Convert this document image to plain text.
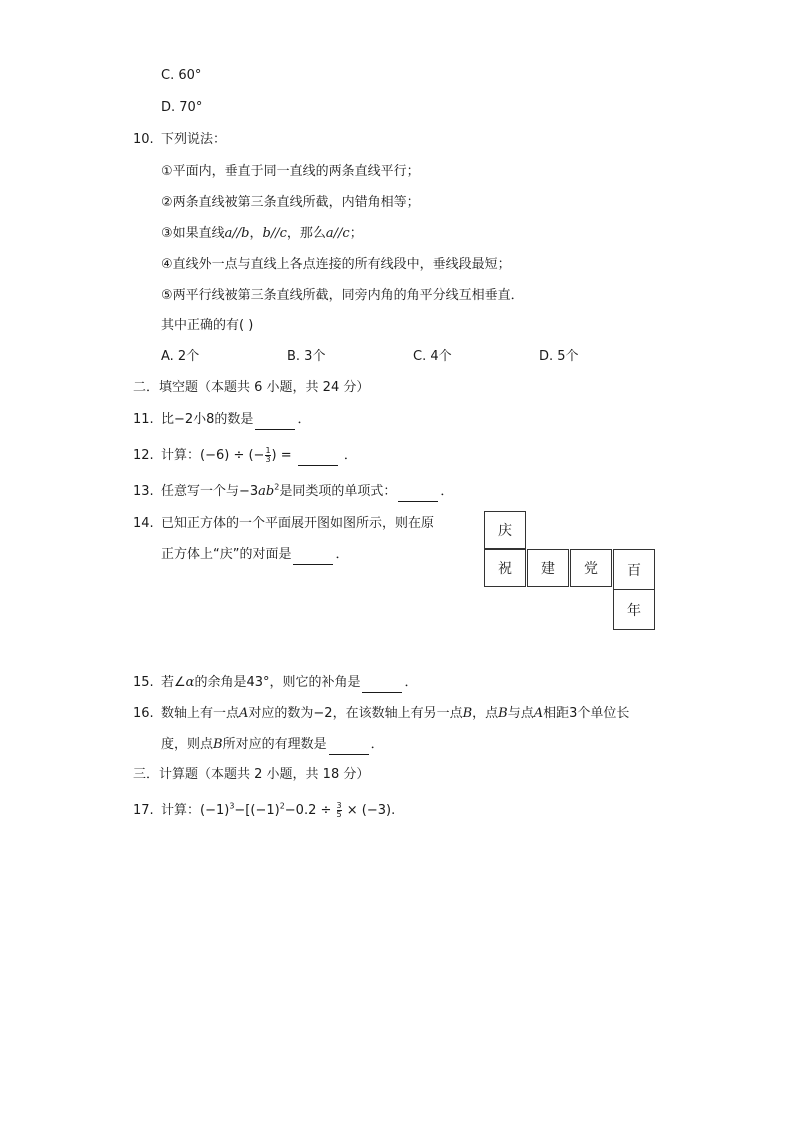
C. 60°
D. 70°
10. 下列说法：
①平面内，垂直于同一直线的两条直线平行；
②两条直线被第三条直线所截，内错角相等；
③如果直线a//b，b//c，那么a//c；
④直线外一点与直线上各点连接的所有线段中，垂线段最短；
⑤两平行线被第三条直线所截，同旁内角的角平分线互相垂直．
其中正确的有( )
A. 2个	B. 3个	C. 4个	D. 5个
二．填空题（本题共 6 小题，共 24 分）
11. 比−2小8的数是	．
12. 计算：(−6) ÷ (− $\frac{1}{3}$ ) =	．
13. 任意写一个与$-3ab^2$是同类项的单项式：	．
14. 已知正方体的一个平面展开图如图所示，则在原
正方体上“庆”的对面是	．
庆
祝	建	党	百
年
15. 若∠α的余角是43°，则它的补角是	．
16. 数轴上有一点A对应的数为−2，在该数轴上有另一点B，点B与点A相距3个单位长
度，则点B所对应的有理数是	．
三．计算题（本题共 2 小题，共 18 分）
17. 计算：$(-1)^3-[(-1)^2-0.2 \div \frac{3}{5} \times (-3)$.
